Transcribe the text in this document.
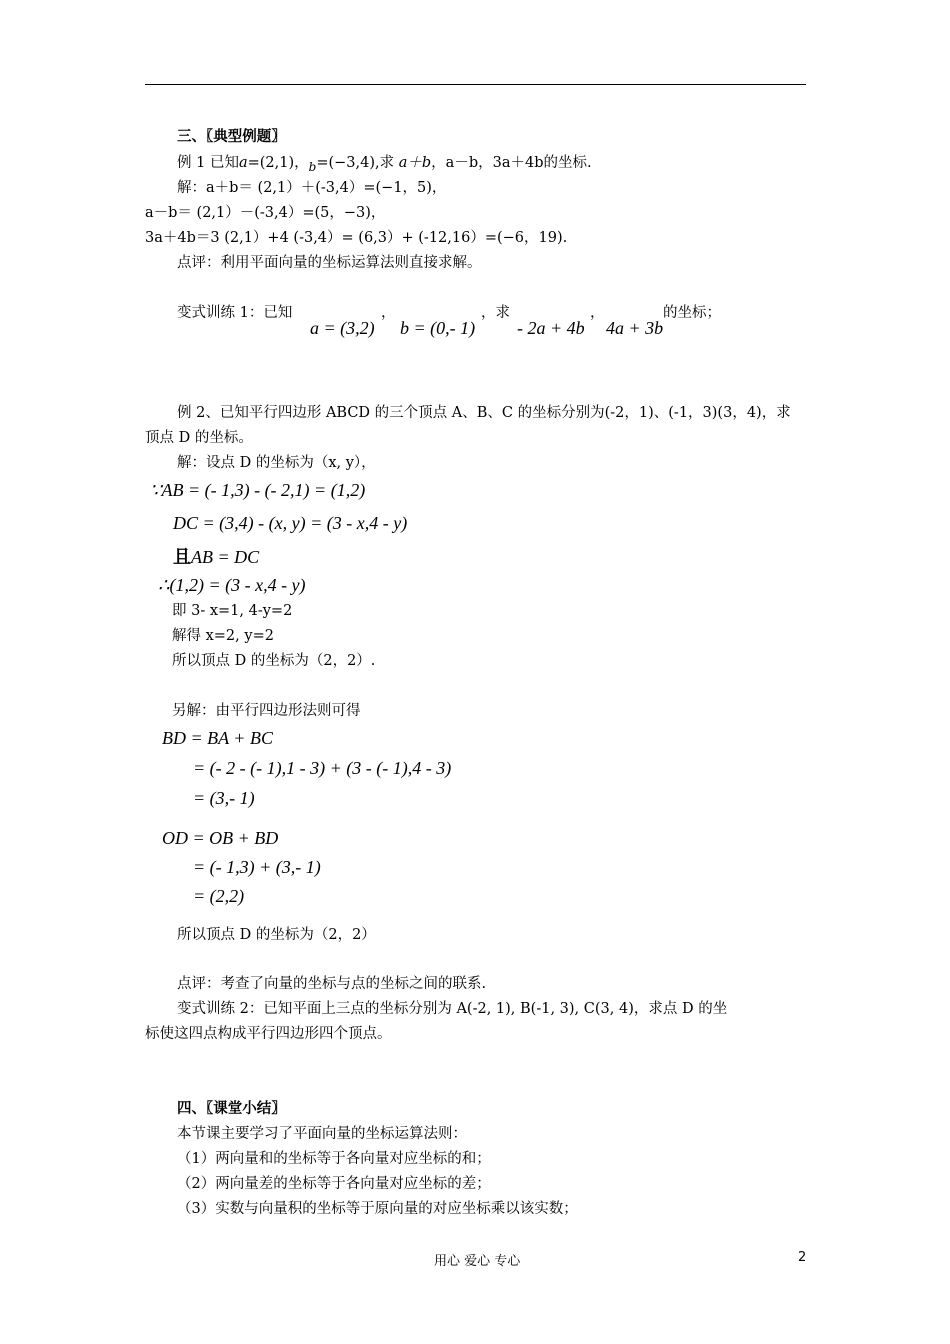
三、〖典型例题〗
例 1 已知a=(2,1)，$_b$=(−3,4),求 a＋b，a－b，3a＋4b的坐标.
解：a＋b＝ (2,1）＋(-3,4）=(−1，5)，
a－b＝ (2,1）－(-3,4）=(5，−3)，
3a＋4b＝3 (2,1）+4 (-3,4）= (6,3）+ (-12,16）=(−6，19).
点评：利用平面向量的坐标运算法则直接求解。
变式训练 1：已知
a = (3,2)
，
b = (0,- 1)
，求
- 2a + 4b
，
4a + 3b
的坐标；
例 2、已知平行四边形 ABCD 的三个顶点 A、B、C 的坐标分别为(-2，1)、(-1，3)(3，4)，求
顶点 D 的坐标。
解：设点 D 的坐标为（x, y），
∵AB = (- 1,3) - (- 2,1) = (1,2)
DC = (3,4) - (x, y) = (3 - x,4 - y)
且AB = DC
∴(1,2) = (3 - x,4 - y)
即 3- x=1, 4-y=2
解得 x=2, y=2
所以顶点 D 的坐标为（2，2）.
另解：由平行四边形法则可得
BD = BA + BC
= (- 2 - (- 1),1 - 3) + (3 - (- 1),4 - 3)
= (3,- 1)
OD = OB + BD
= (- 1,3) + (3,- 1)
= (2,2)
所以顶点 D 的坐标为（2，2）
点评：考查了向量的坐标与点的坐标之间的联系.
变式训练 2：已知平面上三点的坐标分别为 A(-2, 1), B(-1, 3), C(3, 4)，求点 D 的坐
标使这四点构成平行四边形四个顶点。
四、〖课堂小结〗
本节课主要学习了平面向量的坐标运算法则：
（1）两向量和的坐标等于各向量对应坐标的和；
（2）两向量差的坐标等于各向量对应坐标的差；
（3）实数与向量积的坐标等于原向量的对应坐标乘以该实数；
用心 爱心 专心	2
